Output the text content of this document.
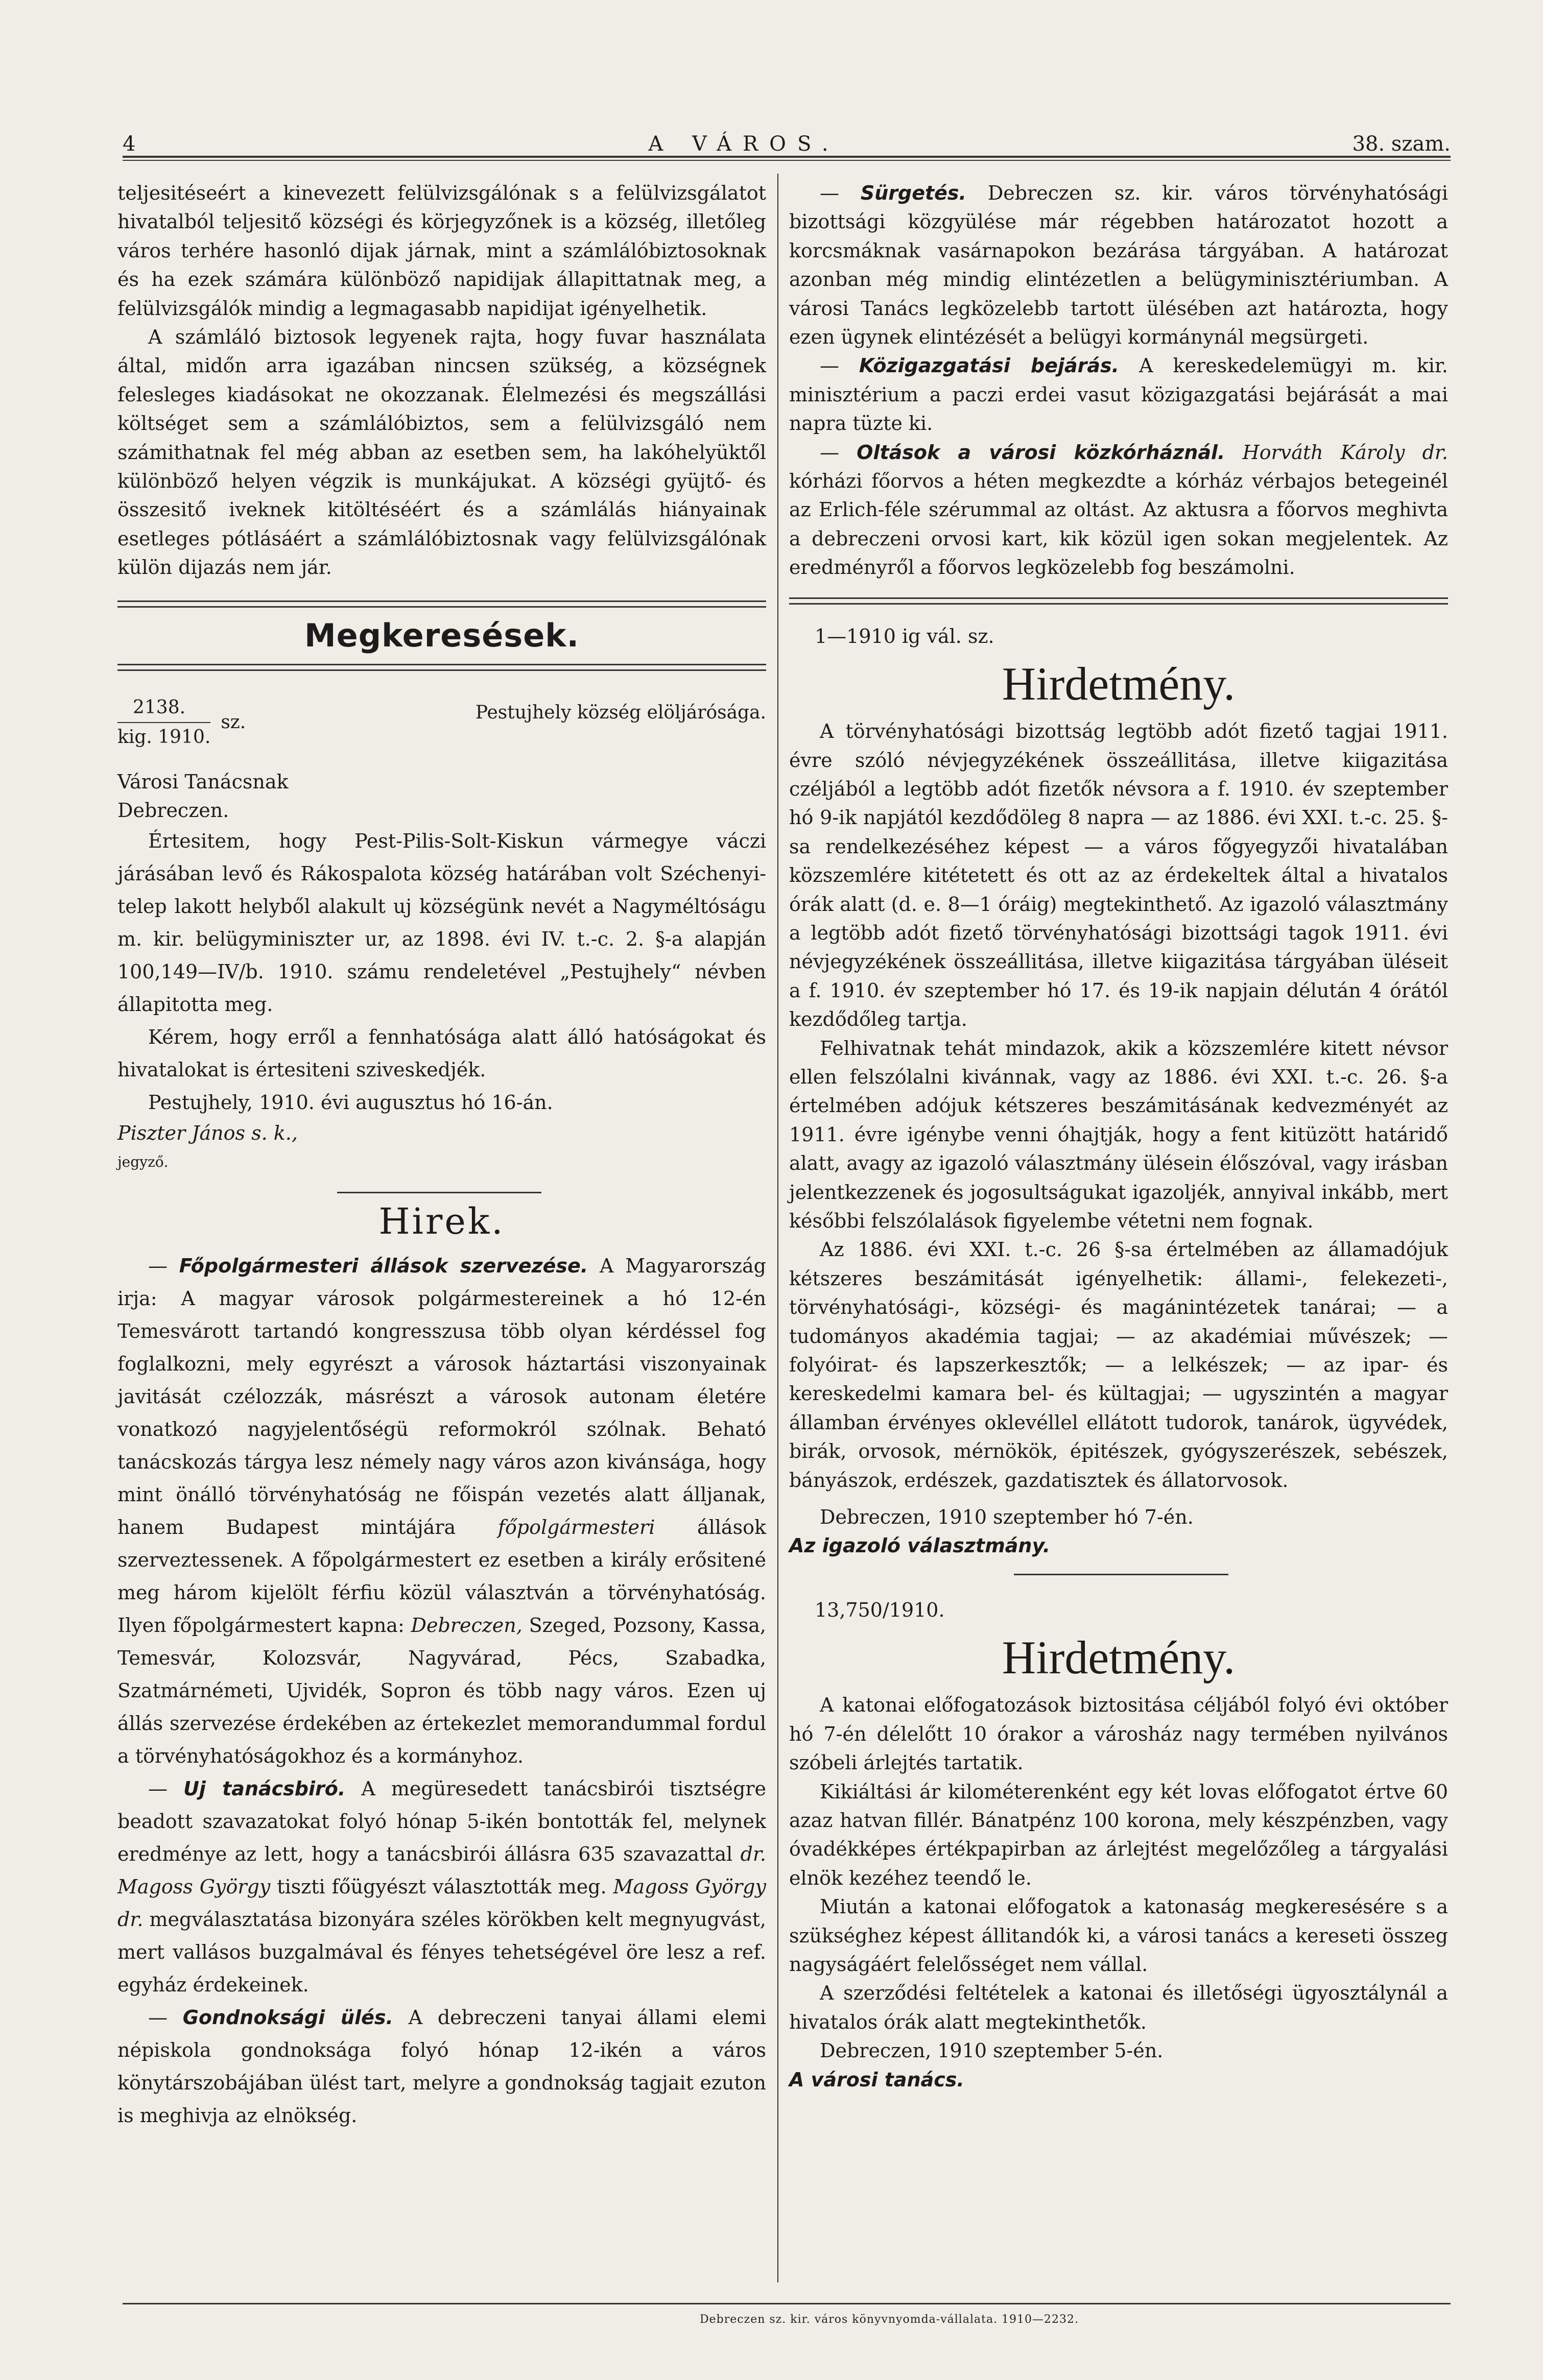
4	A VÁROS.	38. szam.

teljesitéseért a kinevezett felülvizsgálónak s a felülvizsgálatot hivatalból teljesitő községi és körjegyzőnek is a község, illetőleg város terhére hasonló dijak járnak, mint a számlálóbiztosoknak és ha ezek számára különböző napidijak állapittatnak meg, a felülvizsgálók mindig a legmagasabb napidijat igényelhetik.

A számláló biztosok legyenek rajta, hogy fuvar használata által, midőn arra igazában nincsen szükség, a községnek felesleges kiadásokat ne okozzanak. Élelmezési és megszállási költséget sem a számlálóbiztos, sem a felülvizsgáló nem számithatnak fel még abban az esetben sem, ha lakóhelyüktől különböző helyen végzik is munkájukat. A községi gyüjtő- és összesitő iveknek kitöltéséért és a számlálás hiányainak esetleges pótlásáért a számlálóbiztosnak vagy felülvizsgálónak külön dijazás nem jár.

Megkeresések.
2138.
kig. 1910.
sz.	Pestujhely község elöljárósága.

Városi Tanácsnak

Debreczen.

Értesitem, hogy Pest-Pilis-Solt-Kiskun vármegye váczi járásában levő és Rákospalota község határában volt Széchenyi-telep lakott helyből alakult uj községünk nevét a Nagyméltóságu m. kir. belügyminiszter ur, az 1898. évi IV. t.-c. 2. §-a alapján 100,149—IV/b. 1910. számu rendeletével „Pestujhely“ névben állapitotta meg.

Kérem, hogy erről a fennhatósága alatt álló hatóságokat és hivatalokat is értesiteni sziveskedjék.

Pestujhely, 1910. évi augusztus hó 16-án.

Piszter János s. k.,

jegyző.

Hirek.

— Főpolgármesteri állások szervezése. A Magyarország irja: A magyar városok polgármestereinek a hó 12-én Temesvárott tartandó kongresszusa több olyan kérdéssel fog foglalkozni, mely egyrészt a városok háztartási viszonyainak javitását czélozzák, másrészt a városok autonam életére vonatkozó nagyjelentőségü reformokról szólnak. Beható tanácskozás tárgya lesz némely nagy város azon kivánsága, hogy mint önálló törvényhatóság ne főispán vezetés alatt álljanak, hanem Budapest mintájára főpolgármesteri állások szerveztessenek. A főpolgármestert ez esetben a király erősitené meg három kijelölt férfiu közül választván a törvényhatóság. Ilyen főpolgármestert kapna: Debreczen, Szeged, Pozsony, Kassa, Temesvár, Kolozsvár, Nagyvárad, Pécs, Szabadka, Szatmárnémeti, Ujvidék, Sopron és több nagy város. Ezen uj állás szervezése érdekében az értekezlet memorandummal fordul a törvényhatóságokhoz és a kormányhoz.

— Uj tanácsbiró. A megüresedett tanácsbirói tisztségre beadott szavazatokat folyó hónap 5-ikén bontották fel, melynek eredménye az lett, hogy a tanácsbirói állásra 635 szavazattal dr. Magoss György tiszti főügyészt választották meg. Magoss György dr. megválasztatása bizonyára széles körökben kelt megnyugvást, mert vallásos buzgalmával és fényes tehetségével öre lesz a ref. egyház érdekeinek.

— Gondnoksági ülés. A debreczeni tanyai állami elemi népiskola gondnoksága folyó hónap 12-ikén a város könytárszobájában ülést tart, melyre a gondnokság tagjait ezuton is meghivja az elnökség.

— Sürgetés. Debreczen sz. kir. város törvényhatósági bizottsági közgyülése már régebben határozatot hozott a korcsmáknak vasárnapokon bezárása tárgyában. A határozat azonban még mindig elintézetlen a belügyminisztériumban. A városi Tanács legközelebb tartott ülésében azt határozta, hogy ezen ügynek elintézését a belügyi kormánynál megsürgeti.

— Közigazgatási bejárás. A kereskedelemügyi m. kir. minisztérium a paczi erdei vasut közigazgatási bejárását a mai napra tüzte ki.

— Oltások a városi közkórháznál. Horváth Károly dr. kórházi főorvos a héten megkezdte a kórház vérbajos betegeinél az Erlich-féle szérummal az oltást. Az aktusra a főorvos meghivta a debreczeni orvosi kart, kik közül igen sokan megjelentek. Az eredményről a főorvos legközelebb fog beszámolni.

1—1910 ig vál. sz.

Hirdetmény.

A törvényhatósági bizottság legtöbb adót fizető tagjai 1911. évre szóló névjegyzékének összeállitása, illetve kiigazitása czéljából a legtöbb adót fizetők névsora a f. 1910. év szeptember hó 9-ik napjától kezdődöleg 8 napra — az 1886. évi XXI. t.-c. 25. §-sa rendelkezéséhez képest — a város főgyegyzői hivatalában közszemlére kitétetett és ott az az érdekeltek által a hivatalos órák alatt (d. e. 8—1 óráig) megtekinthető. Az igazoló választmány a legtöbb adót fizető törvényhatósági bizottsági tagok 1911. évi névjegyzékének összeállitása, illetve kiigazitása tárgyában üléseit a f. 1910. év szeptember hó 17. és 19-ik napjain délután 4 órától kezdődőleg tartja.

Felhivatnak tehát mindazok, akik a közszemlére kitett névsor ellen felszólalni kivánnak, vagy az 1886. évi XXI. t.-c. 26. §-a értelmében adójuk kétszeres beszámitásának kedvezményét az 1911. évre igénybe venni óhajtják, hogy a fent kitüzött határidő alatt, avagy az igazoló választmány ülésein élőszóval, vagy irásban jelentkezzenek és jogosultságukat igazoljék, annyival inkább, mert későbbi felszólalások figyelembe vétetni nem fognak.

Az 1886. évi XXI. t.-c. 26 §-sa értelmében az államadójuk kétszeres beszámitását igényelhetik: állami-, felekezeti-, törvényhatósági-, községi- és magánintézetek tanárai; — a tudományos akadémia tagjai; — az akadémiai művészek; — folyóirat- és lapszerkesztők; — a lelkészek; — az ipar- és kereskedelmi kamara bel- és kültagjai; — ugyszintén a magyar államban érvényes oklevéllel ellátott tudorok, tanárok, ügyvédek, birák, orvosok, mérnökök, épitészek, gyógyszerészek, sebészek, bányászok, erdészek, gazdatisztek és állatorvosok.

Debreczen, 1910 szeptember hó 7-én.

Az igazoló választmány.

13,750/1910.

Hirdetmény.

A katonai előfogatozások biztositása céljából folyó évi október hó 7-én délelőtt 10 órakor a városház nagy termében nyilvános szóbeli árlejtés tartatik.

Kikiáltási ár kilométerenként egy két lovas előfogatot értve 60 azaz hatvan fillér. Bánatpénz 100 korona, mely készpénzben, vagy óvadékképes értékpapirban az árlejtést megelőzőleg a tárgyalási elnök kezéhez teendő le.

Miután a katonai előfogatok a katonaság megkeresésére s a szükséghez képest állitandók ki, a városi tanács a kereseti összeg nagyságáért felelősséget nem vállal.

A szerződési feltételek a katonai és illetőségi ügyosztálynál a hivatalos órák alatt megtekinthetők.

Debreczen, 1910 szeptember 5-én.

A városi tanács.

Debreczen sz. kir. város könyvnyomda-vállalata. 1910—2232.
